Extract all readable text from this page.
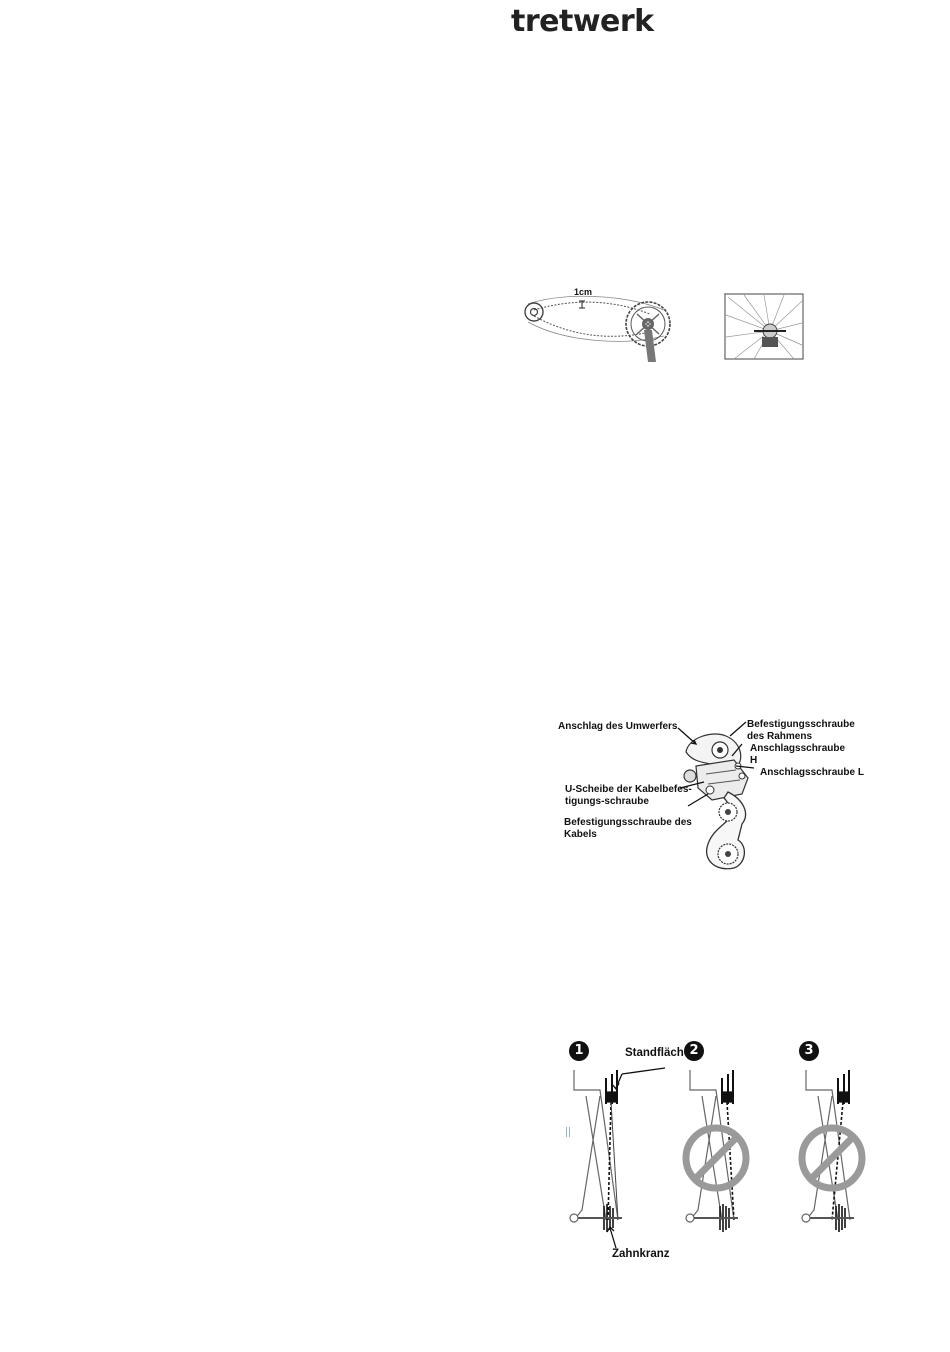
tretwerk
1cm
Anschlag des Umwerfers	Befestigungsschraube
des Rahmens
Anschlagsschraube
H
Anschlagsschraube L
U-Scheibe der Kabelbefes-
tigungs-schraube
Befestigungsschraube des
Kabels
1	2	3
Standfläche
Zahnkranz
